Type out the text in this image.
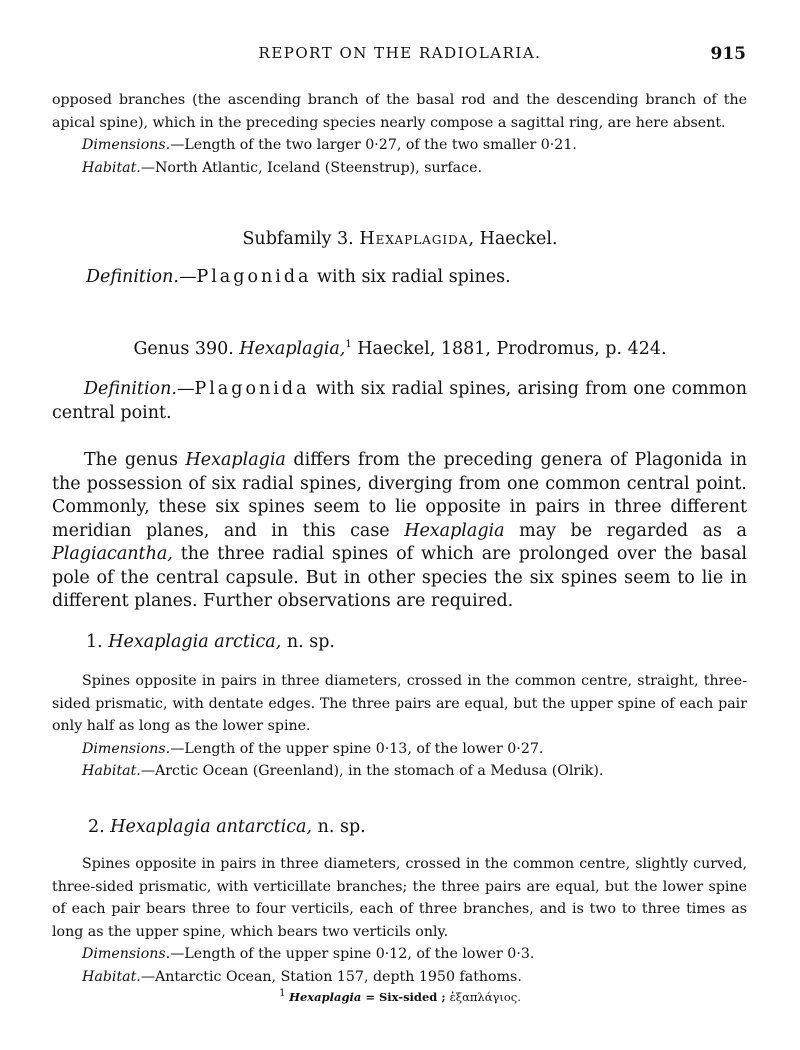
REPORT ON THE RADIOLARIA.	915

opposed branches (the ascending branch of the basal rod and the descending branch of the apical spine), which in the preceding species nearly compose a sagittal ring, are here absent.

Dimensions.—Length of the two larger 0·27, of the two smaller 0·21.

Habitat.—North Atlantic, Iceland (Steenstrup), surface.

Subfamily 3. Hexaplagida, Haeckel.
Definition.—Plagonida with six radial spines.
Genus 390. Hexaplagia,$^1$ Haeckel, 1881, Prodromus, p. 424.
Definition.—Plagonida with six radial spines, arising from one common central point.
The genus Hexaplagia differs from the preceding genera of Plagonida in the possession of six radial spines, diverging from one common central point. Commonly, these six spines seem to lie opposite in pairs in three different meridian planes, and in this case Hexaplagia may be regarded as a Plagiacantha, the three radial spines of which are prolonged over the basal pole of the central capsule. But in other species the six spines seem to lie in different planes. Further observations are required.
1. Hexaplagia arctica, n. sp.

Spines opposite in pairs in three diameters, crossed in the common centre, straight, three-sided prismatic, with dentate edges. The three pairs are equal, but the upper spine of each pair only half as long as the lower spine.

Dimensions.—Length of the upper spine 0·13, of the lower 0·27.

Habitat.—Arctic Ocean (Greenland), in the stomach of a Medusa (Olrik).

2. Hexaplagia antarctica, n. sp.

Spines opposite in pairs in three diameters, crossed in the common centre, slightly curved, three-sided prismatic, with verticillate branches; the three pairs are equal, but the lower spine of each pair bears three to four verticils, each of three branches, and is two to three times as long as the upper spine, which bears two verticils only.

Dimensions.—Length of the upper spine 0·12, of the lower 0·3.

Habitat.—Antarctic Ocean, Station 157, depth 1950 fathoms.

$^1$ Hexaplagia = Six-sided ; ἑξαπλάγιος.
